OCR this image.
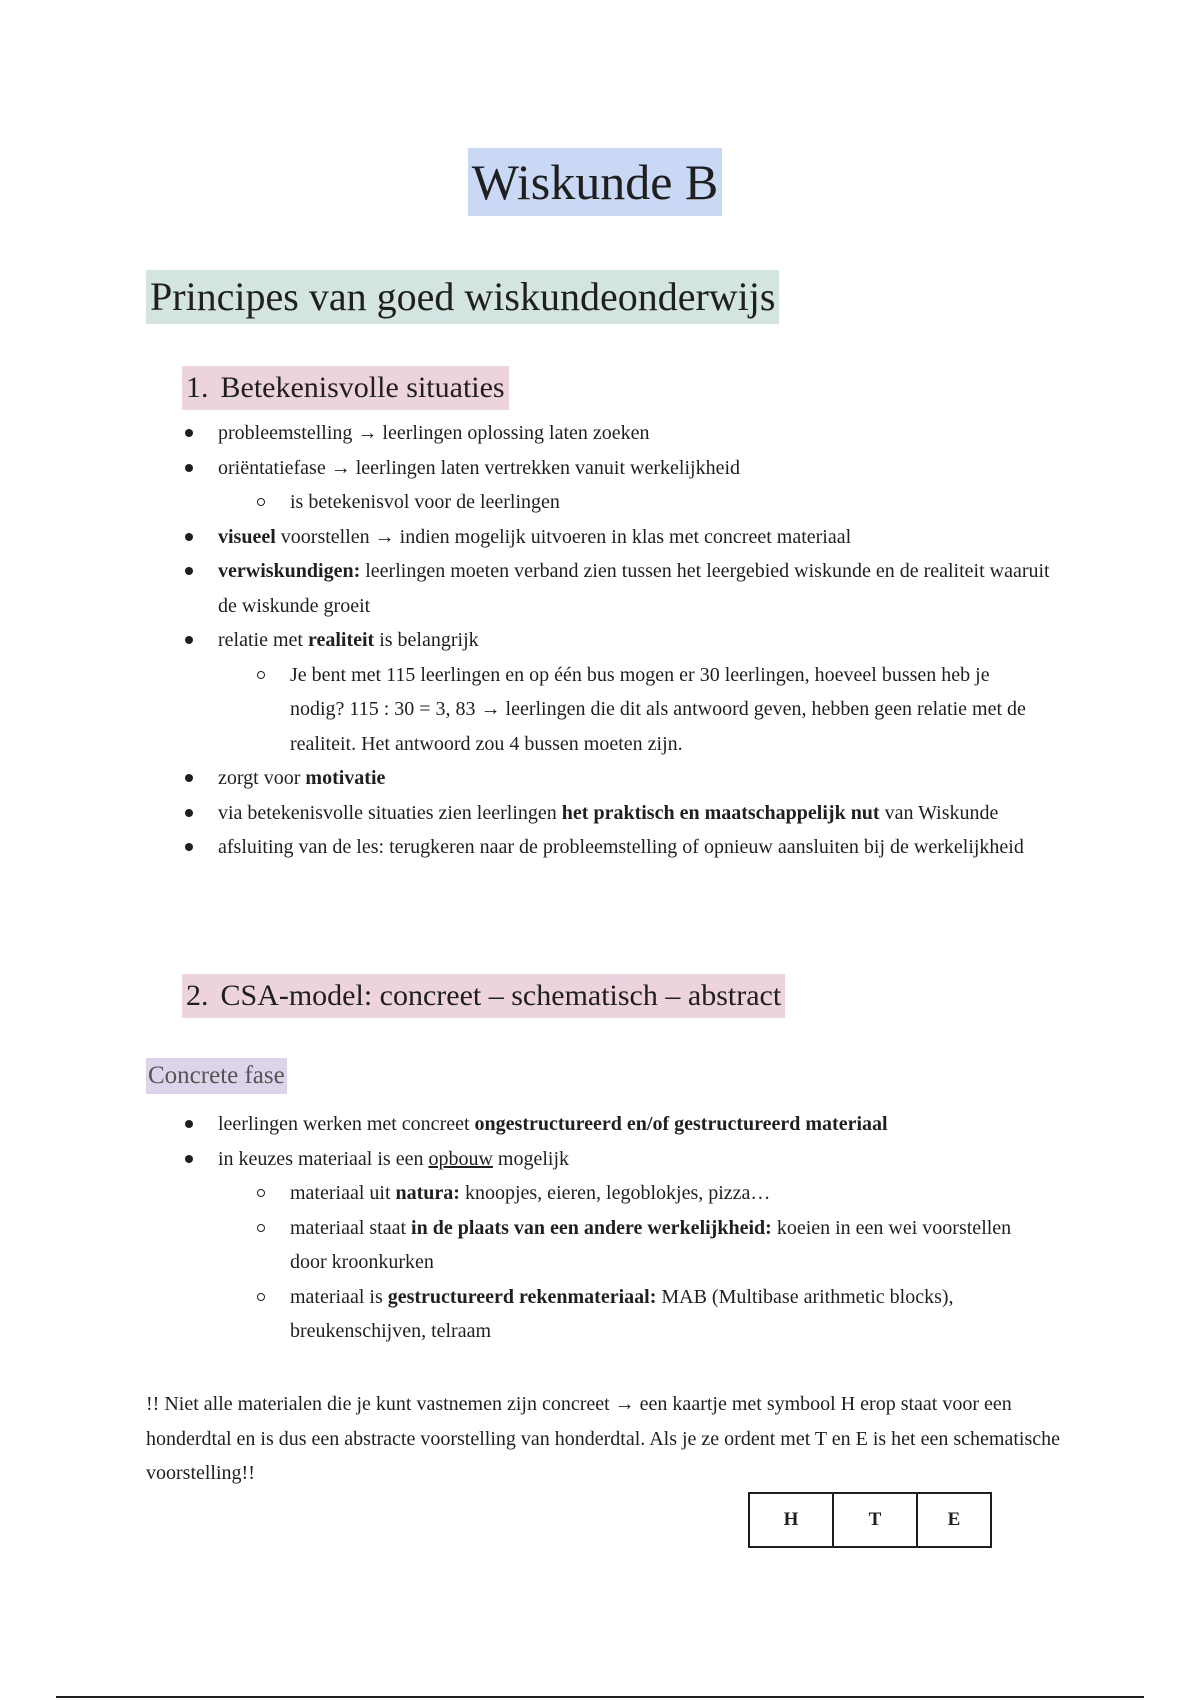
Wiskunde B
Principes van goed wiskundeonderwijs
1. Betekenisvolle situaties
probleemstelling → leerlingen oplossing laten zoeken
oriëntatiefase → leerlingen laten vertrekken vanuit werkelijkheid
is betekenisvol voor de leerlingen
visueel voorstellen → indien mogelijk uitvoeren in klas met concreet materiaal
verwiskundigen: leerlingen moeten verband zien tussen het leergebied wiskunde en de realiteit waaruit de wiskunde groeit
relatie met realiteit is belangrijk
Je bent met 115 leerlingen en op één bus mogen er 30 leerlingen, hoeveel bussen heb je nodig? 115 : 30 = 3, 83 → leerlingen die dit als antwoord geven, hebben geen relatie met de realiteit. Het antwoord zou 4 bussen moeten zijn.
zorgt voor motivatie
via betekenisvolle situaties zien leerlingen het praktisch en maatschappelijk nut van Wiskunde
afsluiting van de les: terugkeren naar de probleemstelling of opnieuw aansluiten bij de werkelijkheid
2. CSA-model: concreet – schematisch – abstract
Concrete fase
leerlingen werken met concreet ongestructureerd en/of gestructureerd materiaal
in keuzes materiaal is een opbouw mogelijk
materiaal uit natura: knoopjes, eieren, legoblokjes, pizza…
materiaal staat in de plaats van een andere werkelijkheid: koeien in een wei voorstellen door kroonkurken
materiaal is gestructureerd rekenmateriaal: MAB (Multibase arithmetic blocks), breukenschijven, telraam
!! Niet alle materialen die je kunt vastnemen zijn concreet → een kaartje met symbool H erop staat voor een honderdtal en is dus een abstracte voorstelling van honderdtal. Als je ze ordent met T en E is het een schematische voorstelling!!
H	T	E
